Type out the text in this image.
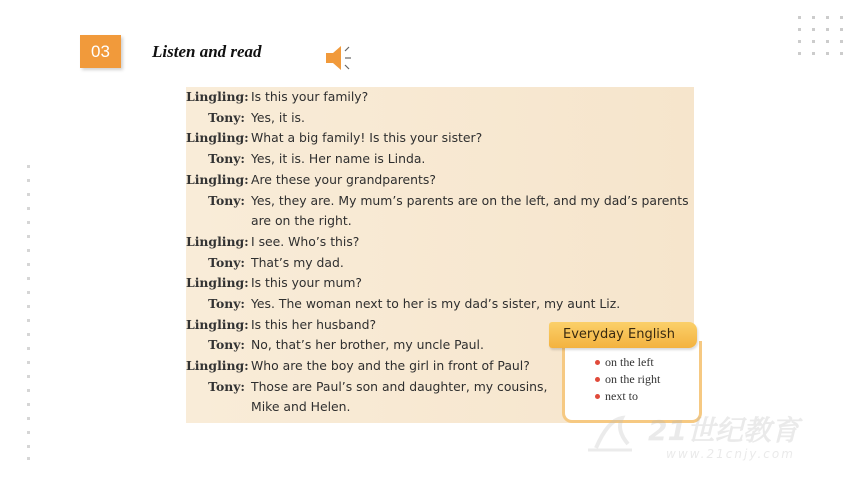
03	Listen and read
Lingling: Is this your family?
Tony: Yes, it is.
Lingling: What a big family! Is this your sister?
Tony: Yes, it is. Her name is Linda.
Lingling: Are these your grandparents?
Tony: Yes, they are. My mum’s parents are on the left, and my dad’s parents
are on the right.
Lingling: I see. Who’s this?
Tony: That’s my dad.
Lingling: Is this your mum?
Tony: Yes. The woman next to her is my dad’s sister, my aunt Liz.
Lingling: Is this her husband?
Tony: No, that’s her brother, my uncle Paul.
Lingling: Who are the boy and the girl in front of Paul?
Tony: Those are Paul’s son and daughter, my cousins,
Mike and Helen.
on the left
on the right
next to
Everyday English
21世纪教育
www.21cnjy.com
